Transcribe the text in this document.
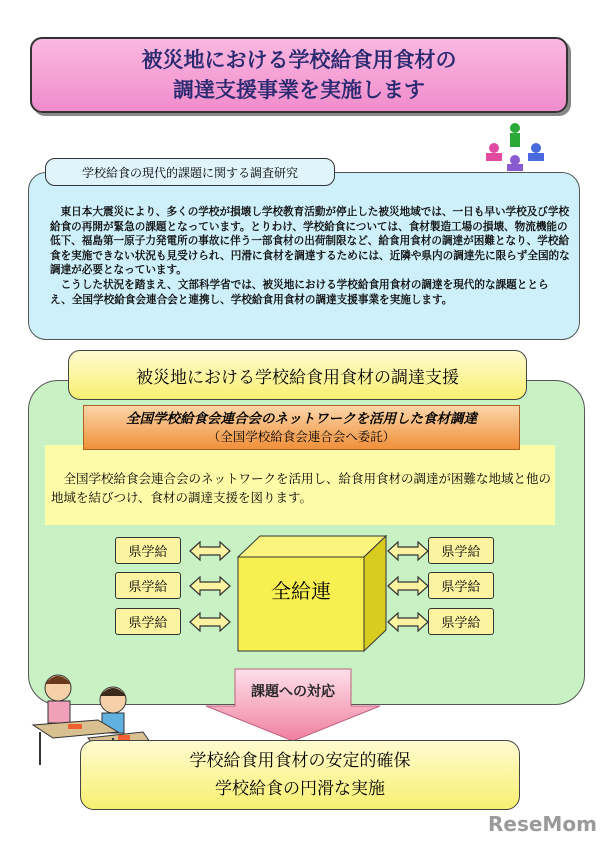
被災地における学校給食用食材の
調達支援事業を実施します
学校給食の現代的課題に関する調査研究

東日本大震災により、多くの学校が損壊し学校教育活動が停止した被災地域では、一日も早い学校及び学校給食の再開が緊急の課題となっています。とりわけ、学校給食については、食材製造工場の損壊、物流機能の低下、福島第一原子力発電所の事故に伴う一部食材の出荷制限など、給食用食材の調達が困難となり、学校給食を実施できない状況も見受けられ、円滑に食材を調達するためには、近隣や県内の調達先に限らず全国的な調達が必要となっています。

こうした状況を踏まえ、文部科学省では、被災地における学校給食用食材の調達を現代的な課題ととらえ、全国学校給食会連合会と連携し、学校給食用食材の調達支援事業を実施します。

被災地における学校給食用食材の調達支援
全国学校給食会連合会のネットワークを活用し、給食用食材の調達が困難な地域と他の地域を結びつけ、食材の調達支援を図ります。
全国学校給食会連合会のネットワークを活用した食材調達
（全国学校給食会連合会へ委託）
県学給
県学給
県学給
県学給
県学給
県学給
全給連
課題への対応
学校給食用食材の安定的確保
学校給食の円滑な実施
ReseMom
